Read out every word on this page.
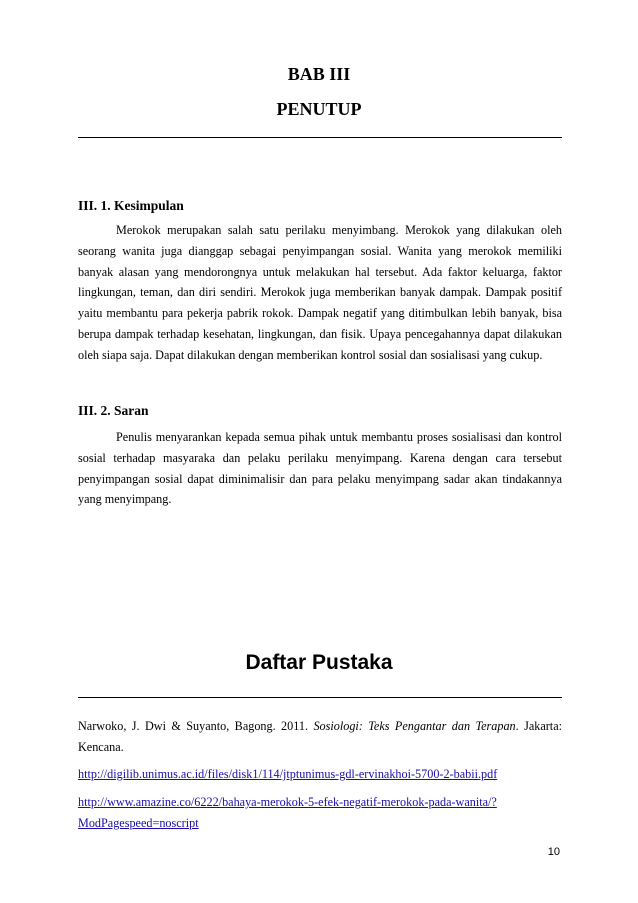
BAB III
PENUTUP
III. 1. Kesimpulan

Merokok merupakan salah satu perilaku menyimbang. Merokok yang dilakukan oleh seorang wanita juga dianggap sebagai penyimpangan sosial. Wanita yang merokok memiliki banyak alasan yang mendorongnya untuk melakukan hal tersebut. Ada faktor keluarga, faktor lingkungan, teman, dan diri sendiri. Merokok juga memberikan banyak dampak. Dampak positif yaitu membantu para pekerja pabrik rokok. Dampak negatif yang ditimbulkan lebih banyak, bisa berupa dampak terhadap kesehatan, lingkungan, dan fisik. Upaya pencegahannya dapat dilakukan oleh siapa saja. Dapat dilakukan dengan memberikan kontrol sosial dan sosialisasi yang cukup.

III. 2. Saran

Penulis menyarankan kepada semua pihak untuk membantu proses sosialisasi dan kontrol sosial terhadap masyaraka dan pelaku perilaku menyimpang. Karena dengan cara tersebut penyimpangan sosial dapat diminimalisir dan para pelaku menyimpang sadar akan tindakannya yang menyimpang.

Daftar Pustaka

Narwoko, J. Dwi & Suyanto, Bagong. 2011. Sosiologi: Teks Pengantar dan Terapan. Jakarta: Kencana.

http://digilib.unimus.ac.id/files/disk1/114/jtptunimus-gdl-ervinakhoi-5700-2-babii.pdf

http://www.amazine.co/6222/bahaya-merokok-5-efek-negatif-merokok-pada-wanita/?ModPagespeed=noscript

10
